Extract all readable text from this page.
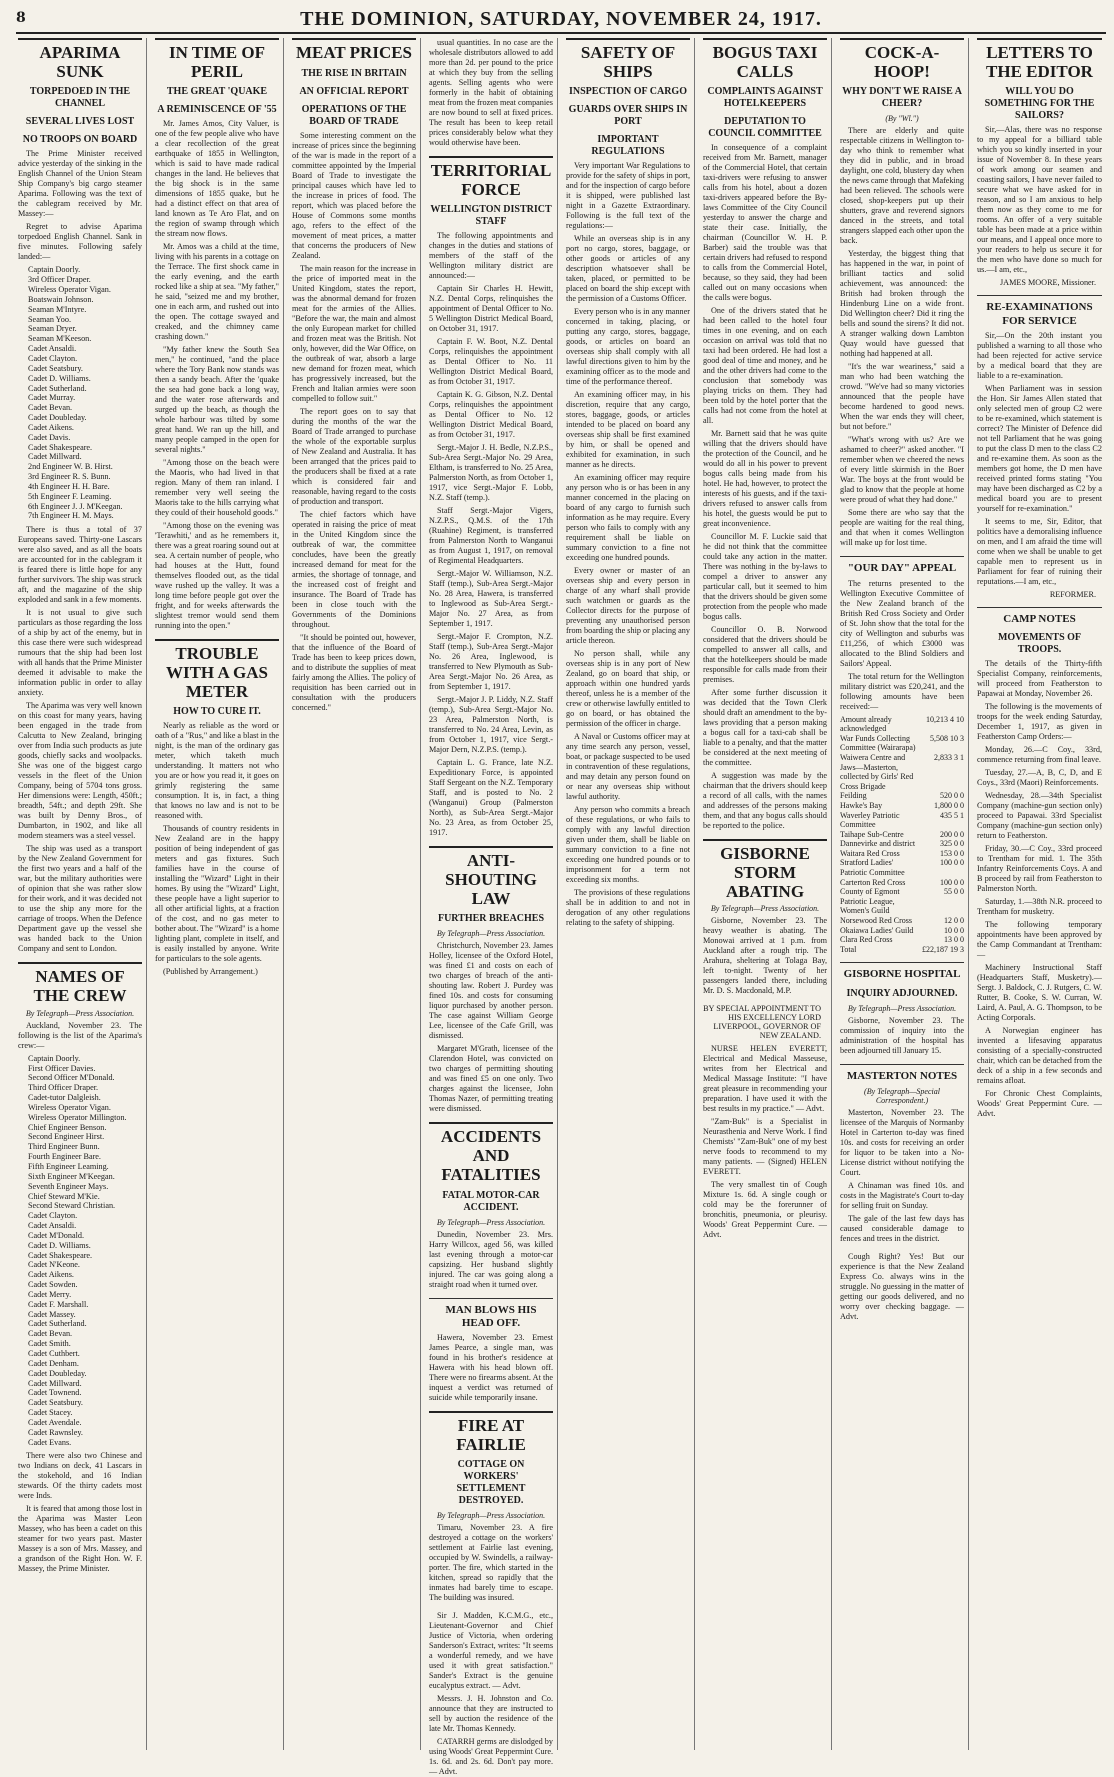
8	THE DOMINION, SATURDAY, NOVEMBER 24, 1917.
APARIMA SUNK
TORPEDOED IN THE CHANNEL
SEVERAL LIVES LOST
NO TROOPS ON BOARD

The Prime Minister received advice yesterday of the sinking in the English Channel of the Union Steam Ship Company's big cargo steamer Aparima. Following was the text of the cablegram received by Mr. Massey:—

Regret to advise Aparima torpedoed English Channel. Sank in five minutes. Following safely landed:—

Captain Doorly.
3rd Officer Draper.
Wireless Operator Vigan.
Boatswain Johnson.
Seaman M'Intyre.
Seaman Yoo.
Seaman Dryer.
Seaman M'Keeson.
Cadet Ansaldi.
Cadet Clayton.
Cadet Seatsbury.
Cadet D. Williams.
Cadet Sutherland.
Cadet Murray.
Cadet Bevan.
Cadet Doubleday.
Cadet Aikens.
Cadet Davis.
Cadet Shakespeare.
Cadet Millward.
2nd Engineer W. B. Hirst.
3rd Engineer R. S. Bunn.
4th Engineer H. H. Bare.
5th Engineer F. Leaming.
6th Engineer J. J. M'Keegan.
7th Engineer H. M. Mays.

There is thus a total of 37 Europeans saved. Thirty-one Lascars were also saved, and as all the boats are accounted for in the cablegram it is feared there is little hope for any further survivors. The ship was struck aft, and the magazine of the ship exploded and sank in a few moments.

It is not usual to give such particulars as those regarding the loss of a ship by act of the enemy, but in this case there were such widespread rumours that the ship had been lost with all hands that the Prime Minister deemed it advisable to make the information public in order to allay anxiety.

The Aparima was very well known on this coast for many years, having been engaged in the trade from Calcutta to New Zealand, bringing over from India such products as jute goods, chiefly sacks and woolpacks. She was one of the biggest cargo vessels in the fleet of the Union Company, being of 5704 tons gross. Her dimensions were: Length, 450ft.; breadth, 54ft.; and depth 29ft. She was built by Denny Bros., of Dumbarton, in 1902, and like all modern steamers was a steel vessel.

The ship was used as a transport by the New Zealand Government for the first two years and a half of the war, but the military authorities were of opinion that she was rather slow for their work, and it was decided not to use the ship any more for the carriage of troops. When the Defence Department gave up the vessel she was handed back to the Union Company and sent to London.

NAMES OF THE CREW
By Telegraph—Press Association.

Auckland, November 23. The following is the list of the Aparima's crew:—

Captain Doorly.
First Officer Davies.
Second Officer M'Donald.
Third Officer Draper.
Cadet-tutor Dalgleish.
Wireless Operator Vigan.
Wireless Operator Millington.
Chief Engineer Benson.
Second Engineer Hirst.
Third Engineer Bunn.
Fourth Engineer Bare.
Fifth Engineer Leaming.
Sixth Engineer M'Keegan.
Seventh Engineer Mays.
Chief Steward M'Kie.
Second Steward Christian.
Cadet Clayton.
Cadet Ansaldi.
Cadet M'Donald.
Cadet D. Williams.
Cadet Shakespeare.
Cadet N'Keone.
Cadet Aikens.
Cadet Sowden.
Cadet Merry.
Cadet F. Marshall.
Cadet Massey.
Cadet Sutherland.
Cadet Bevan.
Cadet Smith.
Cadet Cuthbert.
Cadet Denham.
Cadet Doubleday.
Cadet Millward.
Cadet Townend.
Cadet Seatsbury.
Cadet Stacey.
Cadet Avendale.
Cadet Rawnsley.
Cadet Evans.

There were also two Chinese and two Indians on deck, 41 Lascars in the stokehold, and 16 Indian stewards. Of the thirty cadets most were Inds.

It is feared that among those lost in the Aparima was Master Leon Massey, who has been a cadet on this steamer for two years past. Master Massey is a son of Mrs. Massey, and a grandson of the Right Hon. W. F. Massey, the Prime Minister.

IN TIME OF PERIL
THE GREAT 'QUAKE
A REMINISCENCE OF '55

Mr. James Amos, City Valuer, is one of the few people alive who have a clear recollection of the great earthquake of 1855 in Wellington, which is said to have made radical changes in the land. He believes that the big shock is in the same dimensions of 1855 quake, but he had a distinct effect on that area of land known as Te Aro Flat, and on the region of swamp through which the stream now flows.

Mr. Amos was a child at the time, living with his parents in a cottage on the Terrace. The first shock came in the early evening, and the earth rocked like a ship at sea. "My father," he said, "seized me and my brother, one in each arm, and rushed out into the open. The cottage swayed and creaked, and the chimney came crashing down."

"My father knew the South Sea men," he continued, "and the place where the Tory Bank now stands was then a sandy beach. After the 'quake the sea had gone back a long way, and the water rose afterwards and surged up the beach, as though the whole harbour was tilted by some great hand. We ran up the hill, and many people camped in the open for several nights."

"Among those on the beach were the Maoris, who had lived in that region. Many of them ran inland. I remember very well seeing the Maoris take to the hills carrying what they could of their household goods."

"Among those on the evening was 'Terawhiti,' and as he remembers it, there was a great roaring sound out at sea. A certain number of people, who had houses at the Hutt, found themselves flooded out, as the tidal wave rushed up the valley. It was a long time before people got over the fright, and for weeks afterwards the slightest tremor would send them running into the open."

TROUBLE WITH A GAS METER
HOW TO CURE IT.

Nearly as reliable as the word or oath of a "Rus," and like a blast in the night, is the man of the ordinary gas meter, which taketh much understanding. It matters not who you are or how you read it, it goes on grimly registering the same consumption. It is, in fact, a thing that knows no law and is not to be reasoned with.

Thousands of country residents in New Zealand are in the happy position of being independent of gas meters and gas fixtures. Such families have in the course of installing the "Wizard" Light in their homes. By using the "Wizard" Light, these people have a light superior to all other artificial lights, at a fraction of the cost, and no gas meter to bother about. The "Wizard" is a home lighting plant, complete in itself, and is easily installed by anyone. Write for particulars to the sole agents.

(Published by Arrangement.)

MEAT PRICES
THE RISE IN BRITAIN
AN OFFICIAL REPORT
OPERATIONS OF THE BOARD OF TRADE

Some interesting comment on the increase of prices since the beginning of the war is made in the report of a committee appointed by the Imperial Board of Trade to investigate the principal causes which have led to the increase in prices of food. The report, which was placed before the House of Commons some months ago, refers to the effect of the movement of meat prices, a matter that concerns the producers of New Zealand.

The main reason for the increase in the price of imported meat in the United Kingdom, states the report, was the abnormal demand for frozen meat for the armies of the Allies. "Before the war, the main and almost the only European market for chilled and frozen meat was the British. Not only, however, did the War Office, on the outbreak of war, absorb a large new demand for frozen meat, which has progressively increased, but the French and Italian armies were soon compelled to follow suit."

The report goes on to say that during the months of the war the Board of Trade arranged to purchase the whole of the exportable surplus of New Zealand and Australia. It has been arranged that the prices paid to the producers shall be fixed at a rate which is considered fair and reasonable, having regard to the costs of production and transport.

The chief factors which have operated in raising the price of meat in the United Kingdom since the outbreak of war, the committee concludes, have been the greatly increased demand for meat for the armies, the shortage of tonnage, and the increased cost of freight and insurance. The Board of Trade has been in close touch with the Governments of the Dominions throughout.

"It should be pointed out, however, that the influence of the Board of Trade has been to keep prices down, and to distribute the supplies of meat fairly among the Allies. The policy of requisition has been carried out in consultation with the producers concerned."

usual quantities. In no case are the wholesale distributors allowed to add more than 2d. per pound to the price at which they buy from the selling agents. Selling agents who were formerly in the habit of obtaining meat from the frozen meat companies are now bound to sell at fixed prices. The result has been to keep retail prices considerably below what they would otherwise have been.

TERRITORIAL FORCE
WELLINGTON DISTRICT STAFF

The following appointments and changes in the duties and stations of members of the staff of the Wellington military district are announced:—

Captain Sir Charles H. Hewitt, N.Z. Dental Corps, relinquishes the appointment of Dental Officer to No. 5 Wellington District Medical Board, on October 31, 1917.

Captain F. W. Boot, N.Z. Dental Corps, relinquishes the appointment as Dental Officer to No. 11 Wellington District Medical Board, as from October 31, 1917.

Captain K. G. Gibson, N.Z. Dental Corps, relinquishes the appointment as Dental Officer to No. 12 Wellington District Medical Board, as from October 31, 1917.

Sergt.-Major J. H. Bedle, N.Z.P.S., Sub-Area Sergt.-Major No. 29 Area, Eltham, is transferred to No. 25 Area, Palmerston North, as from October 1, 1917, vice Sergt.-Major F. Lobb, N.Z. Staff (temp.).

Staff Sergt.-Major Vigers, N.Z.P.S., Q.M.S. of the 17th (Ruahine) Regiment, is transferred from Palmerston North to Wanganui as from August 1, 1917, on removal of Regimental Headquarters.

Sergt.-Major W. Williamson, N.Z. Staff (temp.), Sub-Area Sergt.-Major No. 28 Area, Hawera, is transferred to Inglewood as Sub-Area Sergt.-Major No. 27 Area, as from September 1, 1917.

Sergt.-Major F. Crompton, N.Z. Staff (temp.), Sub-Area Sergt.-Major No. 26 Area, Inglewood, is transferred to New Plymouth as Sub-Area Sergt.-Major No. 26 Area, as from September 1, 1917.

Sergt.-Major J. P. Liddy, N.Z. Staff (temp.), Sub-Area Sergt.-Major No. 23 Area, Palmerston North, is transferred to No. 24 Area, Levin, as from October 1, 1917, vice Sergt.-Major Dern, N.Z.P.S. (temp.).

Captain L. G. France, late N.Z. Expeditionary Force, is appointed Staff Sergeant on the N.Z. Temporary Staff, and is posted to No. 2 (Wanganui) Group (Palmerston North), as Sub-Area Sergt.-Major No. 23 Area, as from October 25, 1917.

ANTI-SHOUTING LAW
FURTHER BREACHES
By Telegraph—Press Association.

Christchurch, November 23. James Holley, licensee of the Oxford Hotel, was fined £1 and costs on each of two charges of breach of the anti-shouting law. Robert J. Purdey was fined 10s. and costs for consuming liquor purchased by another person. The case against William George Lee, licensee of the Cafe Grill, was dismissed.

Margaret M'Grath, licensee of the Clarendon Hotel, was convicted on two charges of permitting shouting and was fined £5 on one only. Two charges against the licensee, John Thomas Nazer, of permitting treating were dismissed.

ACCIDENTS AND FATALITIES
FATAL MOTOR-CAR ACCIDENT.
By Telegraph—Press Association.

Dunedin, November 23. Mrs. Harry Willcox, aged 56, was killed last evening through a motor-car capsizing. Her husband slightly injured. The car was going along a straight road when it turned over.

MAN BLOWS HIS HEAD OFF.

Hawera, November 23. Ernest James Pearce, a single man, was found in his brother's residence at Hawera with his head blown off. There were no firearms absent. At the inquest a verdict was returned of suicide while temporarily insane.

FIRE AT FAIRLIE
COTTAGE ON WORKERS' SETTLEMENT DESTROYED.
By Telegraph—Press Association.

Timaru, November 23. A fire destroyed a cottage on the workers' settlement at Fairlie last evening, occupied by W. Swindells, a railway-porter. The fire, which started in the kitchen, spread so rapidly that the inmates had barely time to escape. The building was insured.

Sir J. Madden, K.C.M.G., etc., Lieutenant-Governor and Chief Justice of Victoria, when ordering Sanderson's Extract, writes: "It seems a wonderful remedy, and we have used it with great satisfaction." Sander's Extract is the genuine eucalyptus extract. — Advt.

Messrs. J. H. Johnston and Co. announce that they are instructed to sell by auction the residence of the late Mr. Thomas Kennedy.

CATARRH germs are dislodged by using Woods' Great Peppermint Cure. 1s. 6d. and 2s. 6d. Don't pay more. — Advt.

SAFETY OF SHIPS
INSPECTION OF CARGO
GUARDS OVER SHIPS IN PORT
IMPORTANT REGULATIONS

Very important War Regulations to provide for the safety of ships in port, and for the inspection of cargo before it is shipped, were published last night in a Gazette Extraordinary. Following is the full text of the regulations:—

While an overseas ship is in any port no cargo, stores, baggage, or other goods or articles of any description whatsoever shall be taken, placed, or permitted to be placed on board the ship except with the permission of a Customs Officer.

Every person who is in any manner concerned in taking, placing, or putting any cargo, stores, baggage, goods, or articles on board an overseas ship shall comply with all lawful directions given to him by the examining officer as to the mode and time of the performance thereof.

An examining officer may, in his discretion, require that any cargo, stores, baggage, goods, or articles intended to be placed on board any overseas ship shall be first examined by him, or shall be opened and exhibited for examination, in such manner as he directs.

An examining officer may require any person who is or has been in any manner concerned in the placing on board of any cargo to furnish such information as he may require. Every person who fails to comply with any requirement shall be liable on summary conviction to a fine not exceeding one hundred pounds.

Every owner or master of an overseas ship and every person in charge of any wharf shall provide such watchmen or guards as the Collector directs for the purpose of preventing any unauthorised person from boarding the ship or placing any article thereon.

No person shall, while any overseas ship is in any port of New Zealand, go on board that ship, or approach within one hundred yards thereof, unless he is a member of the crew or otherwise lawfully entitled to go on board, or has obtained the permission of the officer in charge.

A Naval or Customs officer may at any time search any person, vessel, boat, or package suspected to be used in contravention of these regulations, and may detain any person found on or near any overseas ship without lawful authority.

Any person who commits a breach of these regulations, or who fails to comply with any lawful direction given under them, shall be liable on summary conviction to a fine not exceeding one hundred pounds or to imprisonment for a term not exceeding six months.

The provisions of these regulations shall be in addition to and not in derogation of any other regulations relating to the safety of shipping.

BOGUS TAXI CALLS
COMPLAINTS AGAINST HOTELKEEPERS
DEPUTATION TO COUNCIL COMMITTEE

In consequence of a complaint received from Mr. Barnett, manager of the Commercial Hotel, that certain taxi-drivers were refusing to answer calls from his hotel, about a dozen taxi-drivers appeared before the By-laws Committee of the City Council yesterday to answer the charge and state their case. Initially, the chairman (Councillor W. H. P. Barber) said the trouble was that certain drivers had refused to respond to calls from the Commercial Hotel, because, so they said, they had been called out on many occasions when the calls were bogus.

One of the drivers stated that he had been called to the hotel four times in one evening, and on each occasion on arrival was told that no taxi had been ordered. He had lost a good deal of time and money, and he and the other drivers had come to the conclusion that somebody was playing tricks on them. They had been told by the hotel porter that the calls had not come from the hotel at all.

Mr. Barnett said that he was quite willing that the drivers should have the protection of the Council, and he would do all in his power to prevent bogus calls being made from his hotel. He had, however, to protect the interests of his guests, and if the taxi-drivers refused to answer calls from his hotel, the guests would be put to great inconvenience.

Councillor M. F. Luckie said that he did not think that the committee could take any action in the matter. There was nothing in the by-laws to compel a driver to answer any particular call, but it seemed to him that the drivers should be given some protection from the people who made bogus calls.

Councillor O. B. Norwood considered that the drivers should be compelled to answer all calls, and that the hotelkeepers should be made responsible for calls made from their premises.

After some further discussion it was decided that the Town Clerk should draft an amendment to the by-laws providing that a person making a bogus call for a taxi-cab shall be liable to a penalty, and that the matter be considered at the next meeting of the committee.

A suggestion was made by the chairman that the drivers should keep a record of all calls, with the names and addresses of the persons making them, and that any bogus calls should be reported to the police.

GISBORNE STORM ABATING
By Telegraph—Press Association.

Gisborne, November 23. The heavy weather is abating. The Monowai arrived at 1 p.m. from Auckland after a rough trip. The Arahura, sheltering at Tolaga Bay, left to-night. Twenty of her passengers landed there, including Mr. D. S. Macdonald, M.P.

BY SPECIAL APPOINTMENT TO HIS EXCELLENCY LORD LIVERPOOL, GOVERNOR OF NEW ZEALAND.

NURSE HELEN EVERETT, Electrical and Medical Masseuse, writes from her Electrical and Medical Massage Institute: "I have great pleasure in recommending your preparation. I have used it with the best results in my practice." — Advt.

"Zam-Buk" is a Specialist in Neurasthenia and Nerve Work. I find Chemists' "Zam-Buk" one of my best nerve foods to recommend to my many patients. — (Signed) HELEN EVERETT.

The very smallest tin of Cough Mixture 1s. 6d. A single cough or cold may be the forerunner of bronchitis, pneumonia, or pleurisy. Woods' Great Peppermint Cure. — Advt.

COCK-A-HOOP!
WHY DON'T WE RAISE A CHEER?
(By "Wl.")

There are elderly and quite respectable citizens in Wellington to-day who think to remember what they did in public, and in broad daylight, one cold, blustery day when the news came through that Mafeking had been relieved. The schools were closed, shop-keepers put up their shutters, grave and reverend signors danced in the streets, and total strangers slapped each other upon the back.

Yesterday, the biggest thing that has happened in the war, in point of brilliant tactics and solid achievement, was announced: the British had broken through the Hindenburg Line on a wide front. Did Wellington cheer? Did it ring the bells and sound the sirens? It did not. A stranger walking down Lambton Quay would have guessed that nothing had happened at all.

"It's the war weariness," said a man who had been watching the crowd. "We've had so many victories announced that the people have become hardened to good news. When the war ends they will cheer, but not before."

"What's wrong with us? Are we ashamed to cheer?" asked another. "I remember when we cheered the news of every little skirmish in the Boer War. The boys at the front would be glad to know that the people at home were proud of what they had done."

Some there are who say that the people are waiting for the real thing, and that when it comes Wellington will make up for lost time.

"OUR DAY" APPEAL

The returns presented to the Wellington Executive Committee of the New Zealand branch of the British Red Cross Society and Order of St. John show that the total for the city of Wellington and suburbs was £11,256, of which £3000 was allocated to the Blind Soldiers and Sailors' Appeal.

The total return for the Wellington military district was £20,241, and the following amounts have been received:—

Amount already acknowledged	10,213 4 10
War Funds Collecting Committee (Wairarapa)	5,508 10 3
Waiwera Centre and Jaws—Masterton, collected by Girls' Red Cross Brigade	2,833 3 1
Feilding	520 0 0
Hawke's Bay	1,800 0 0
Waverley Patriotic Committee	435 5 1
Taihape Sub-Centre	200 0 0
Dannevirke and district	325 0 0
Waitara Red Cross	153 0 0
Stratford Ladies' Patriotic Committee	100 0 0
Carterton Red Cross	100 0 0
County of Egmont Patriotic League, Women's Guild	55 0 0
Norsewood Red Cross	12 0 0
Okaiawa Ladies' Guild	10 0 0
Clara Red Cross	13 0 0
Total	£22,187 19 3
GISBORNE HOSPITAL
INQUIRY ADJOURNED.
By Telegraph—Press Association.

Gisborne, November 23. The commission of inquiry into the administration of the hospital has been adjourned till January 15.

MASTERTON NOTES
(By Telegraph—Special Correspondent.)

Masterton, November 23. The licensee of the Marquis of Normanby Hotel in Carterton to-day was fined 10s. and costs for receiving an order for liquor to be taken into a No-License district without notifying the Court.

A Chinaman was fined 10s. and costs in the Magistrate's Court to-day for selling fruit on Sunday.

The gale of the last few days has caused considerable damage to fences and trees in the district.

Cough Right? Yes! But our experience is that the New Zealand Express Co. always wins in the struggle. No guessing in the matter of getting our goods delivered, and no worry over checking baggage. — Advt.

LETTERS TO THE EDITOR
WILL YOU DO SOMETHING FOR THE SAILORS?

Sir,—Alas, there was no response to my appeal for a billiard table which you so kindly inserted in your issue of November 8. In these years of work among our seamen and coasting sailors, I have never failed to secure what we have asked for in reason, and so I am anxious to help them now as they come to me for rooms. An offer of a very suitable table has been made at a price within our means, and I appeal once more to your readers to help us secure it for the men who have done so much for us.—I am, etc.,

JAMES MOORE, Missioner.

RE-EXAMINATIONS FOR SERVICE

Sir,—On the 20th instant you published a warning to all those who had been rejected for active service by a medical board that they are liable to a re-examination.

When Parliament was in session the Hon. Sir James Allen stated that only selected men of group C2 were to be re-examined, which statement is correct? The Minister of Defence did not tell Parliament that he was going to put the class D men to the class C2 and re-examine them. As soon as the members got home, the D men have received printed forms stating "You may have been discharged as C2 by a medical board you are to present yourself for re-examination."

It seems to me, Sir, Editor, that politics have a demoralising influence on men, and I am afraid the time will come when we shall be unable to get capable men to represent us in Parliament for fear of ruining their reputations.—I am, etc.,

REFORMER.

CAMP NOTES
MOVEMENTS OF TROOPS.

The details of the Thirty-fifth Specialist Company, reinforcements, will proceed from Featherston to Papawai at Monday, November 26.

The following is the movements of troops for the week ending Saturday, December 1, 1917, as given in Featherston Camp Orders:—

Monday, 26.—C Coy., 33rd, commence returning from final leave.

Tuesday, 27.—A, B, C, D, and E Coys., 33rd (Maori) Reinforcements.

Wednesday, 28.—34th Specialist Company (machine-gun section only) proceed to Papawai. 33rd Specialist Company (machine-gun section only) return to Featherston.

Friday, 30.—C Coy., 33rd proceed to Trentham for mid. 1. The 35th Infantry Reinforcements Coys. A and B proceed by rail from Featherston to Palmerston North.

Saturday, 1.—38th N.R. proceed to Trentham for musketry.

The following temporary appointments have been approved by the Camp Commandant at Trentham:—

Machinery Instructional Staff (Headquarters Staff, Musketry).—Sergt. J. Baldock, C. J. Rutgers, C. W. Rutter, B. Cooke, S. W. Curran, W. Laird, A. Paul, A. G. Thompson, to be Acting Corporals.

A Norwegian engineer has invented a lifesaving apparatus consisting of a specially-constructed chair, which can be detached from the deck of a ship in a few seconds and remains afloat.

For Chronic Chest Complaints, Woods' Great Peppermint Cure. — Advt.
